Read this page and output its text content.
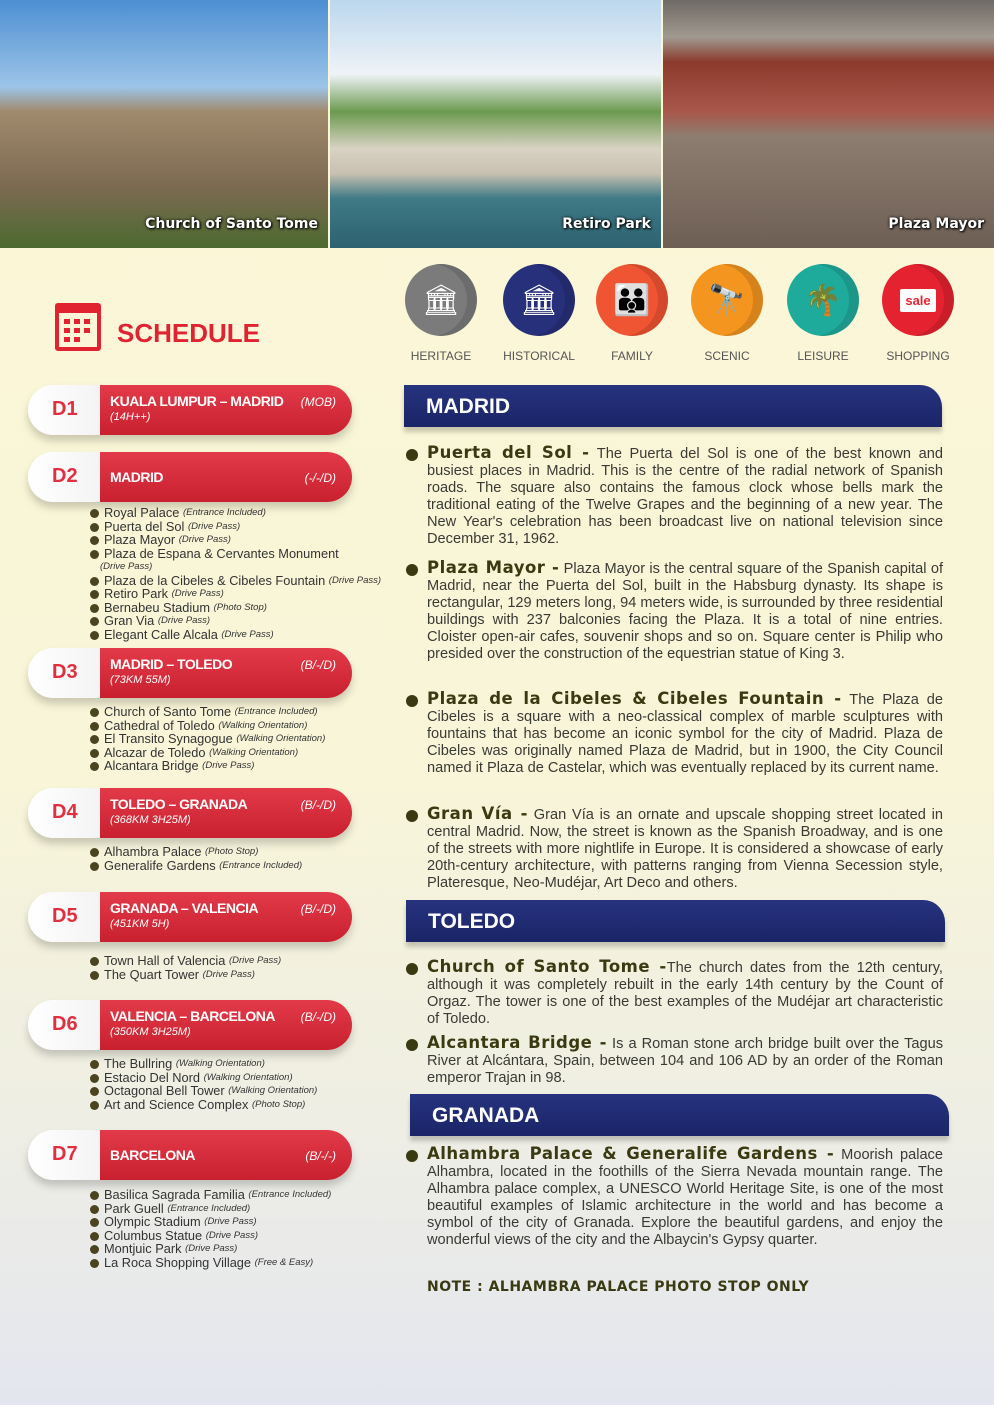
Church of Santo Tome	Retiro Park	Plaza Mayor
SCHEDULE
🏛
HERITAGE
🏛
HISTORICAL
👪
FAMILY
🔭
SCENIC
🌴
LEISURE
sale
SHOPPING
D1	KUALA LUMPUR – MADRID (MOB)
(14H++)
D2	MADRID	(-/-/D)
Royal Palace $^{(Entrance Included)}$
Puerta del Sol $^{(Drive Pass)}$
Plaza Mayor $^{(Drive Pass)}$
Plaza de Espana & Cervantes Monument
$^{(Drive Pass)}$
Plaza de la Cibeles & Cibeles Fountain $^{(Drive Pass)}$
Retiro Park $^{(Drive Pass)}$
Bernabeu Stadium $^{(Photo Stop)}$
Gran Via $^{(Drive Pass)}$
Elegant Calle Alcala $^{(Drive Pass)}$
D3	MADRID – TOLEDO	(B/-/D)
(73KM 55M)
Church of Santo Tome $^{(Entrance Included)}$
Cathedral of Toledo $^{(Walking Orientation)}$
El Transito Synagogue $^{(Walking Orientation)}$
Alcazar de Toledo $^{(Walking Orientation)}$
Alcantara Bridge $^{(Drive Pass)}$
D4	TOLEDO – GRANADA	(B/-/D)
(368KM 3H25M)
Alhambra Palace $^{(Photo Stop)}$
Generalife Gardens $^{(Entrance Included)}$
D5	GRANADA – VALENCIA	(B/-/D)
(451KM 5H)
Town Hall of Valencia $^{(Drive Pass)}$
The Quart Tower $^{(Drive Pass)}$
D6	VALENCIA – BARCELONA (B/-/D)
(350KM 3H25M)
The Bullring $^{(Walking Orientation)}$
Estacio Del Nord $^{(Walking Orientation)}$
Octagonal Bell Tower $^{(Walking Orientation)}$
Art and Science Complex $^{(Photo Stop)}$
D7	BARCELONA	(B/-/-)
Basilica Sagrada Familia $^{(Entrance Included)}$
Park Guell $^{(Entrance Included)}$
Olympic Stadium $^{(Drive Pass)}$
Columbus Statue $^{(Drive Pass)}$
Montjuic Park $^{(Drive Pass)}$
La Roca Shopping Village $^{(Free \& Easy)}$
MADRID
Puerta del Sol - The Puerta del Sol is one of the best known and busiest places in Madrid. This is the centre of the radial network of Spanish roads. The square also contains the famous clock whose bells mark the traditional eating of the Twelve Grapes and the beginning of a new year. The New Year's celebration has been broadcast live on national television since December 31, 1962.
Plaza Mayor - Plaza Mayor is the central square of the Spanish capital of Madrid, near the Puerta del Sol, built in the Habsburg dynasty. Its shape is rectangular, 129 meters long, 94 meters wide, is surrounded by three residential buildings with 237 balconies facing the Plaza. It is a total of nine entries. Cloister open-air cafes, souvenir shops and so on. Square center is Philip who presided over the construction of the equestrian statue of King 3.
Plaza de la Cibeles & Cibeles Fountain - The Plaza de Cibeles is a square with a neo-classical complex of marble sculptures with fountains that has become an iconic symbol for the city of Madrid. Plaza de Cibeles was originally named Plaza de Madrid, but in 1900, the City Council named it Plaza de Castelar, which was eventually replaced by its current name.
Gran Vía - Gran Vía is an ornate and upscale shopping street located in central Madrid. Now, the street is known as the Spanish Broadway, and is one of the streets with more nightlife in Europe. It is considered a showcase of early 20th-century architecture, with patterns ranging from Vienna Secession style, Plateresque, Neo-Mudéjar, Art Deco and others.
TOLEDO
Church of Santo Tome -The church dates from the 12th century, although it was completely rebuilt in the early 14th century by the Count of Orgaz. The tower is one of the best examples of the Mudéjar art characteristic of Toledo.
Alcantara Bridge - Is a Roman stone arch bridge built over the Tagus River at Alcántara, Spain, between 104 and 106 AD by an order of the Roman emperor Trajan in 98.
GRANADA
Alhambra Palace & Generalife Gardens - Moorish palace Alhambra, located in the foothills of the Sierra Nevada mountain range. The Alhambra palace complex, a UNESCO World Heritage Site, is one of the most beautiful examples of Islamic architecture in the world and has become a symbol of the city of Granada. Explore the beautiful gardens, and enjoy the wonderful views of the city and the Albaycin's Gypsy quarter.
NOTE : ALHAMBRA PALACE PHOTO STOP ONLY
